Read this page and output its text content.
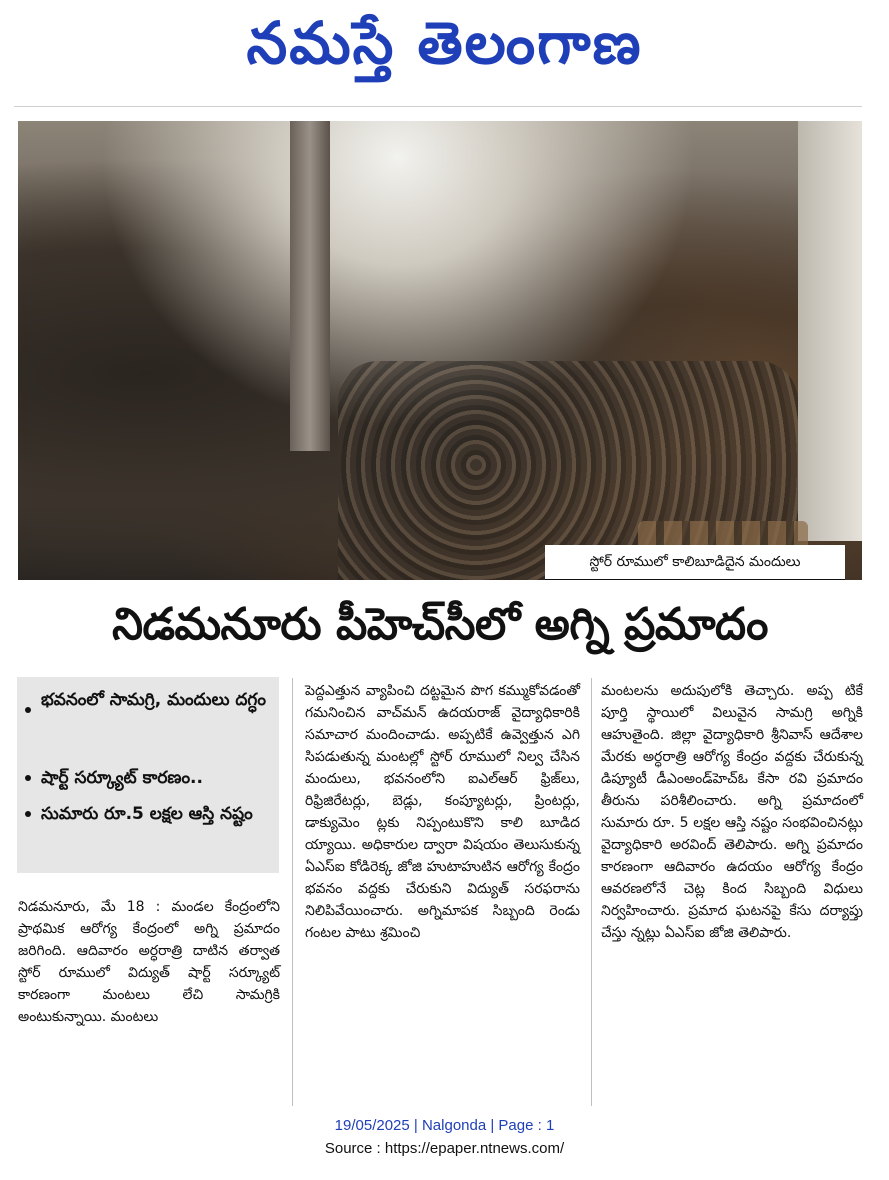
నమస్తే తెలంగాణ
స్టోర్ రూములో కాలిబూడిదైన మందులు
నిడమనూరు పీహెచ్‌సీలో అగ్ని ప్రమాదం
భవనంలో సామగ్రి, మందులు దగ్ధం
షార్ట్ సర్క్యూట్ కారణం..
సుమారు రూ.5 లక్షల ఆస్తి నష్టం

నిడమనూరు, మే 18 : మండల కేంద్రంలోని ప్రాథమిక ఆరోగ్య కేంద్రంలో అగ్ని ప్రమాదం జరిగింది. ఆదివారం అర్ధరాత్రి దాటిన తర్వాత స్టోర్ రూములో విద్యుత్ షార్ట్ సర్క్యూట్ కారణంగా మంటలు లేచి సామగ్రికి అంటుకున్నాయి. మంటలు

పెద్దఎత్తున వ్యాపించి దట్టమైన పొగ కమ్ముకోవడంతో గమనించిన వాచ్‌మన్ ఉదయరాజ్ వైద్యాధికారికి సమాచార మందించాడు. అప్పటికే ఉవ్వెత్తున ఎగి సిపడుతున్న మంటల్లో స్టోర్ రూములో నిల్వ చేసిన మందులు, భవనంలోని ఐఎల్‌ఆర్ ఫ్రిజ్‌లు, రిఫ్రిజిరేటర్లు, బెడ్లు, కంప్యూటర్లు, ప్రింటర్లు, డాక్యుమెం ట్లకు నిప్పంటుకొని కాలి బూడిద య్యాయి. అధికారుల ద్వారా విషయం తెలుసుకున్న ఏఎస్‌ఐ కోడిరెక్క జోజి హుటాహుటిన ఆరోగ్య కేంద్రం భవనం వద్దకు చేరుకుని విద్యుత్ సరఫరాను నిలిపివేయించారు. అగ్నిమాపక సిబ్బంది రెండు గంటల పాటు శ్రమించి

మంటలను అదుపులోకి తెచ్చారు. అప్ప టికే పూర్తి స్థాయిలో విలువైన సామగ్రి అగ్నికి ఆహుతైంది. జిల్లా వైద్యాధికారి శ్రీనివాస్ ఆదేశాల మేరకు అర్ధరాత్రి ఆరోగ్య కేంద్రం వద్దకు చేరుకున్న డిప్యూటీ డీఎంఅండ్‌హెచ్‌ఓ కేసా రవి ప్రమాదం తీరును పరిశీలించారు. అగ్ని ప్రమాదంలో సుమారు రూ. 5 లక్షల ఆస్తి నష్టం సంభవించినట్లు వైద్యాధికారి అరవింద్ తెలిపారు. అగ్ని ప్రమాదం కారణంగా ఆదివారం ఉదయం ఆరోగ్య కేంద్రం ఆవరణలోనే చెట్ల కింద సిబ్బంది విధులు నిర్వహించారు. ప్రమాద ఘటనపై కేసు దర్యాప్తు చేస్తు న్నట్లు ఏఎస్‌ఐ జోజి తెలిపారు.

19/05/2025 | Nalgonda | Page : 1
Source : https://epaper.ntnews.com/
